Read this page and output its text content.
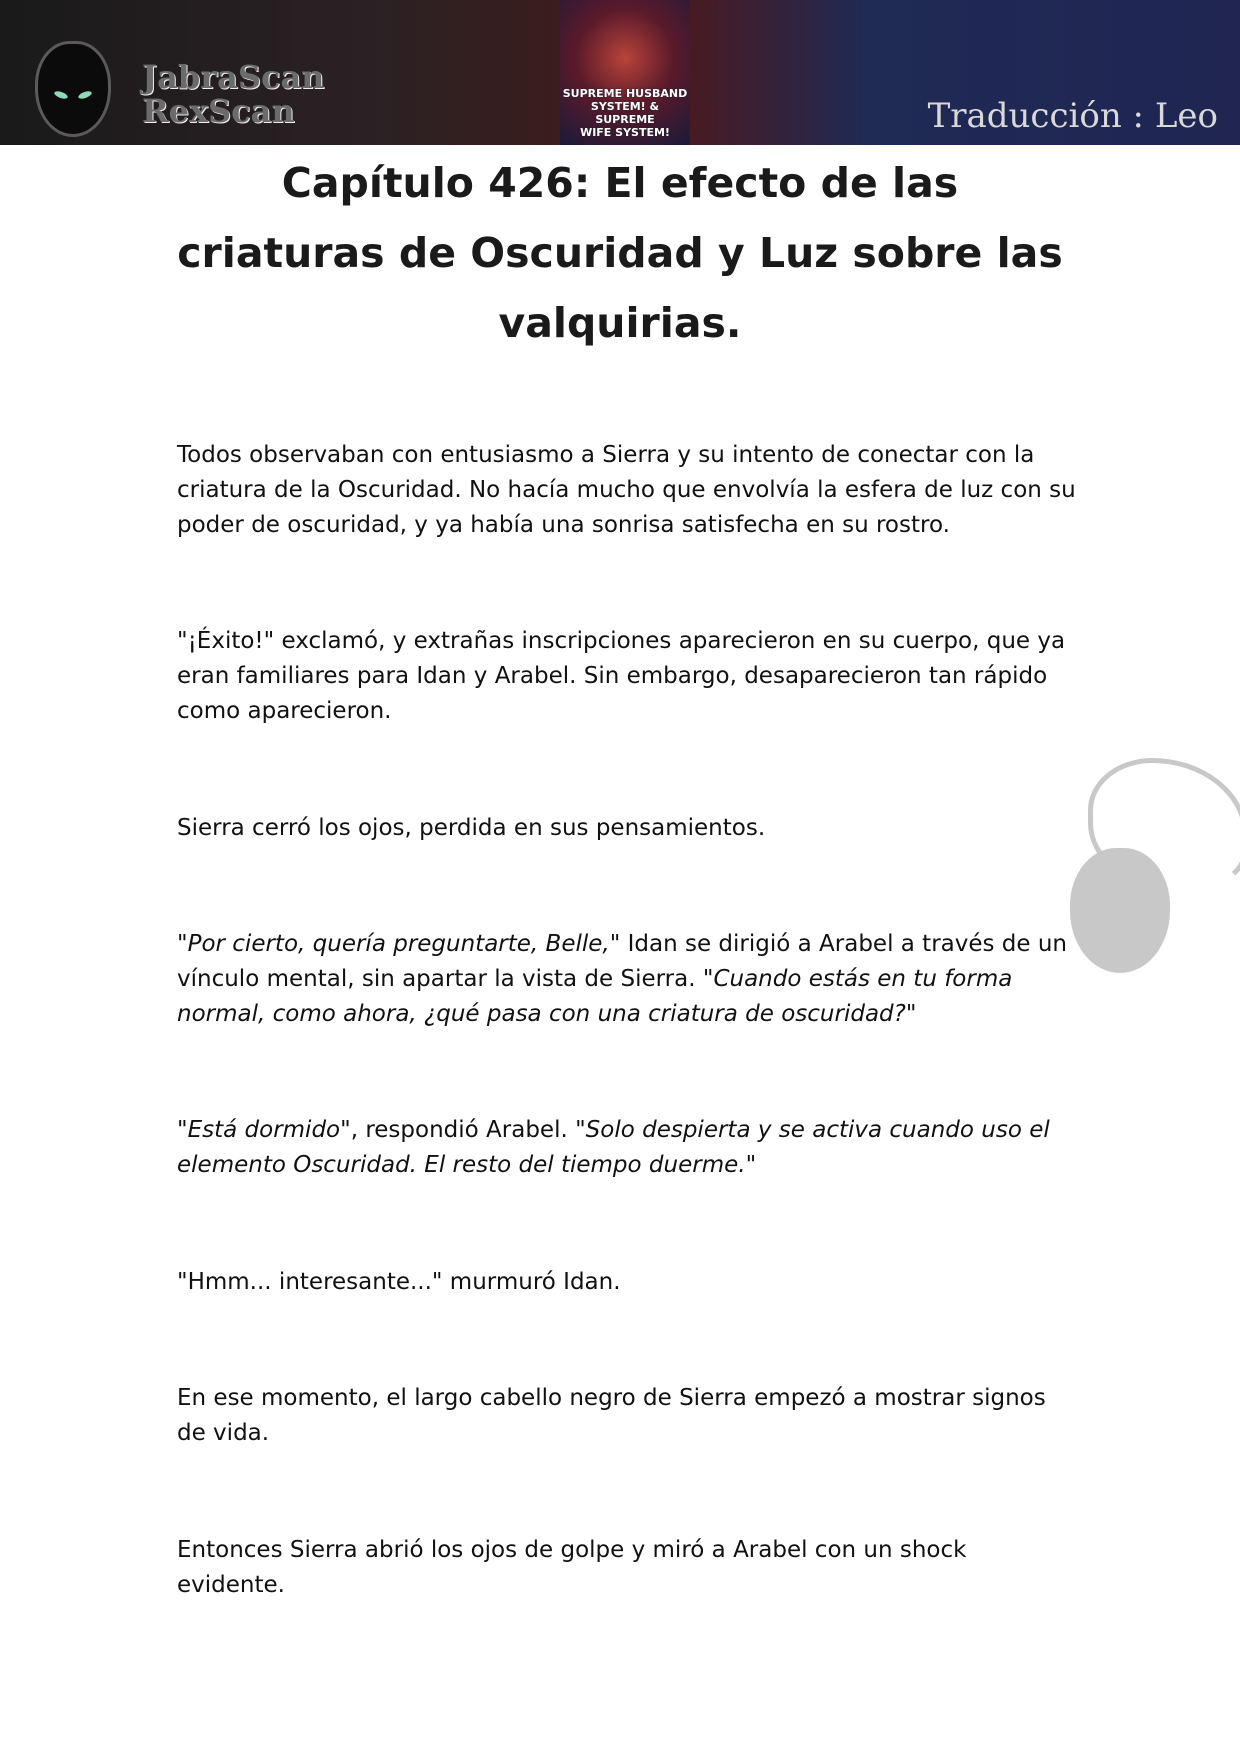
JabraScan
RexScan	SUPREME HUSBAND
SYSTEM! & SUPREME
WIFE SYSTEM!	Traducción : Leo
Capítulo 426: El efecto de las
criaturas de Oscuridad y Luz sobre las
valquirias.

Todos observaban con entusiasmo a Sierra y su intento de conectar con la criatura de la Oscuridad. No hacía mucho que envolvía la esfera de luz con su poder de oscuridad, y ya había una sonrisa satisfecha en su rostro.

"¡Éxito!" exclamó, y extrañas inscripciones aparecieron en su cuerpo, que ya eran familiares para Idan y Arabel. Sin embargo, desaparecieron tan rápido como aparecieron.

Sierra cerró los ojos, perdida en sus pensamientos.

"Por cierto, quería preguntarte, Belle," Idan se dirigió a Arabel a través de un vínculo mental, sin apartar la vista de Sierra. "Cuando estás en tu forma normal, como ahora, ¿qué pasa con una criatura de oscuridad?"

"Está dormido", respondió Arabel. "Solo despierta y se activa cuando uso el elemento Oscuridad. El resto del tiempo duerme."

"Hmm... interesante..." murmuró Idan.

En ese momento, el largo cabello negro de Sierra empezó a mostrar signos de vida.

Entonces Sierra abrió los ojos de golpe y miró a Arabel con un shock evidente.
